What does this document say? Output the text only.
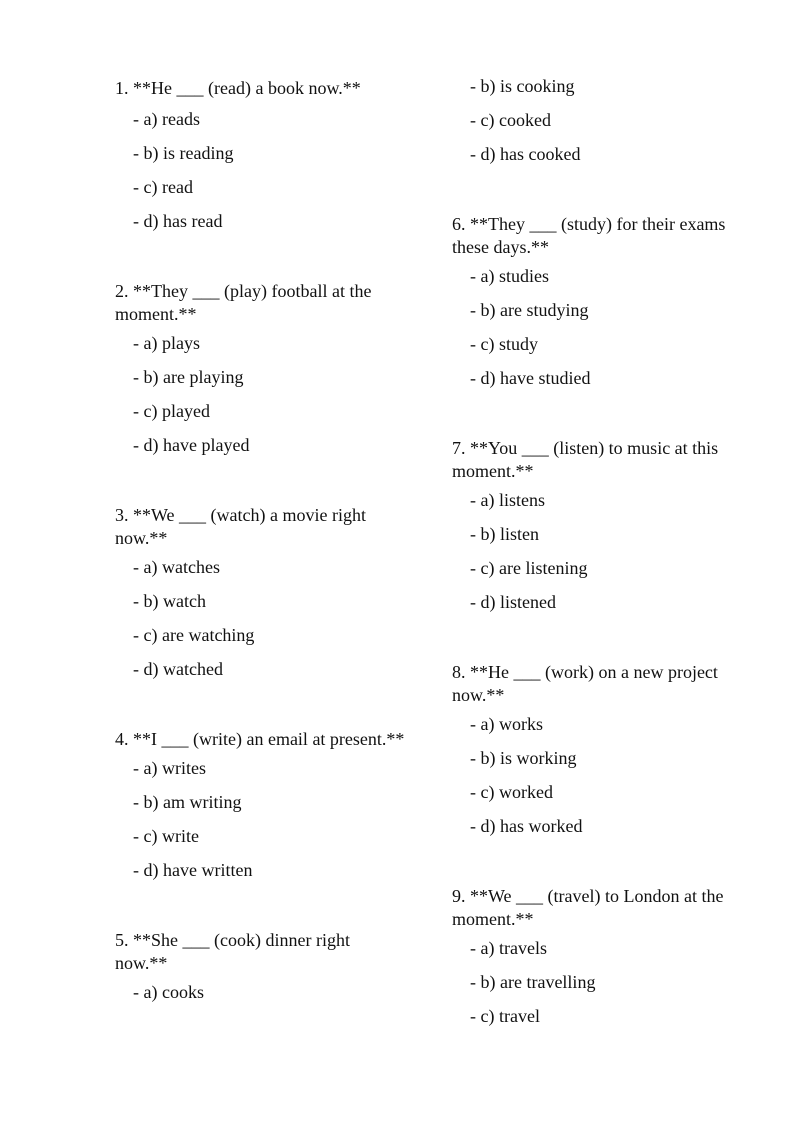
1. **He ___ (read) a book now.**
- a) reads
- b) is reading
- c) read
- d) has read
2. **They ___ (play) football at the moment.**
- a) plays
- b) are playing
- c) played
- d) have played
3. **We ___ (watch) a movie right now.**
- a) watches
- b) watch
- c) are watching
- d) watched
4. **I ___ (write) an email at present.**
- a) writes
- b) am writing
- c) write
- d) have written
5. **She ___ (cook) dinner right now.**
- a) cooks
- b) is cooking
- c) cooked
- d) has cooked
6. **They ___ (study) for their exams these days.**
- a) studies
- b) are studying
- c) study
- d) have studied
7. **You ___ (listen) to music at this moment.**
- a) listens
- b) listen
- c) are listening
- d) listened
8. **He ___ (work) on a new project now.**
- a) works
- b) is working
- c) worked
- d) has worked
9. **We ___ (travel) to London at the moment.**
- a) travels
- b) are travelling
- c) travel
